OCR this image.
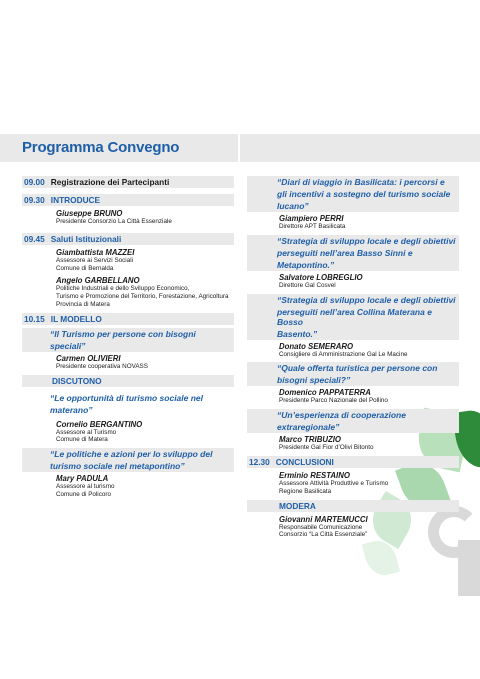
Programma Convegno
09.00 Registrazione dei Partecipanti
09.30 INTRODUCE
Giuseppe BRUNO
Presidente Consorzio La Città Essenziale
09.45 Saluti Istituzionali
Giambattista MAZZEI
Assessore ai Servizi Sociali
Comune di Bernalda
Angelo GARBELLANO
Politiche Industriali e dello Sviluppo Economico,
Turismo e Promozione del Territorio, Forestazione, Agricoltura
Provincia di Matera
10.15 IL MODELLO
“Il Turismo per persone con bisogni
speciali”
Carmen OLIVIERI
Presidente cooperativa NOVASS
DISCUTONO
“Le opportunità di turismo sociale nel
materano”
Cornelio BERGANTINO
Assessore al Turismo
Comune di Matera
“Le politiche e azioni per lo sviluppo del
turismo sociale nel metapontino”
Mary PADULA
Assessore al turismo
Comune di Policoro
“Diari di viaggio in Basilicata: i percorsi e
gli incentivi a sostegno del turismo sociale
lucano”
Giampiero PERRI
Direttore APT Basilicata
“Strategia di sviluppo locale e degli obiettivi
perseguiti nell’area Basso Sinni e
Metapontino.”
Salvatore LOBREGLIO
Direttore Gal Cosvel
“Strategia di sviluppo locale e degli obiettivi
perseguiti nell’area Collina Materana e Bosso
Basento.”
Donato SEMERARO
Consigliere di Amministrazione Gal Le Macine
“Quale offerta turistica per persone con
bisogni speciali?”
Domenico PAPPATERRA
Presidente Parco Nazionale del Pollino
“Un’esperienza di cooperazione
extraregionale”
Marco TRIBUZIO
Presidente Gal Fior d’Olivi Bitonto
12.30 CONCLUSIONI
Erminio RESTAINO
Assessore Attività Produttive e Turismo
Regione Basilicata
MODERA
Giovanni MARTEMUCCI
Responsabile Comunicazione
Consorzio “La Città Essenziale”
